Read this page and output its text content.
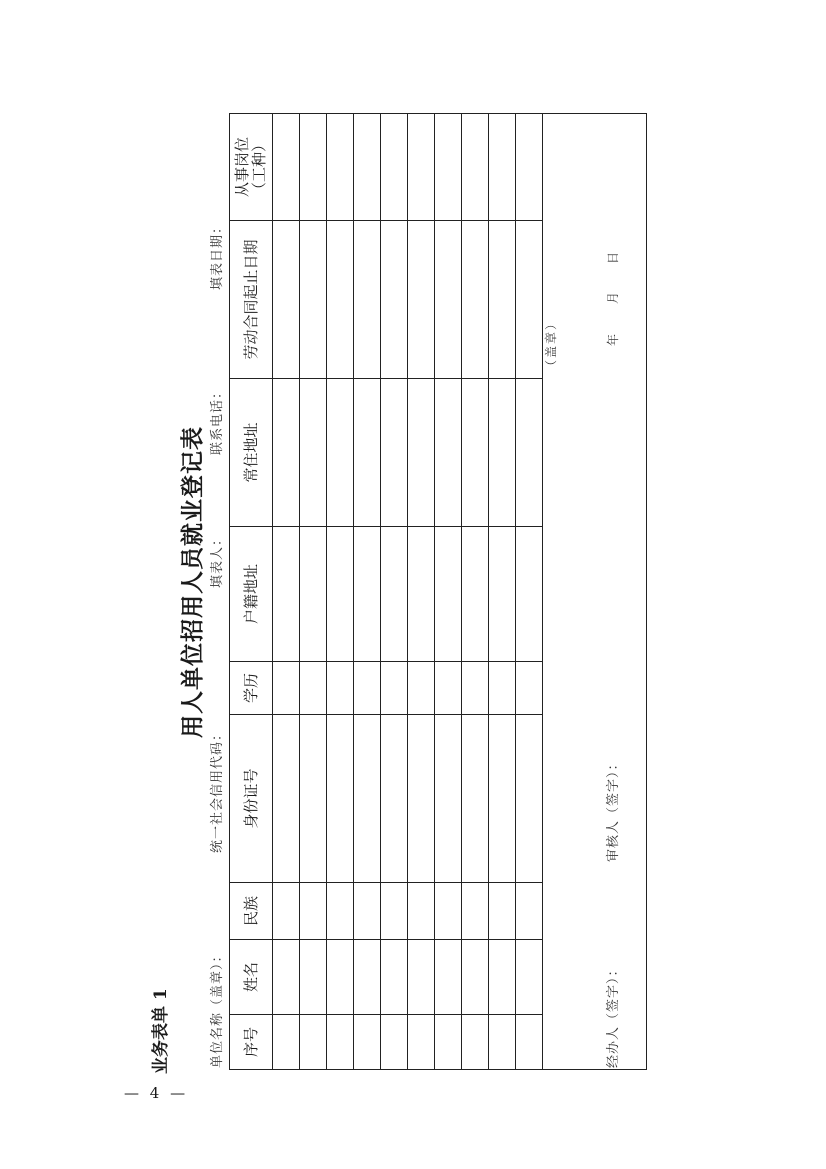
— 4 —
业务表单 1
用人单位招用人员就业登记表
单位名称（盖章）：
统一社会信用代码：
填表人：
联系电话：
填表日期：
序号	姓名	民族	身份证号	学历	户籍地址	常住地址	劳动合同起止日期	从事岗位
（工种）

（盖章）
经办人（签字）：
审核人（签字）：
年
月
日
